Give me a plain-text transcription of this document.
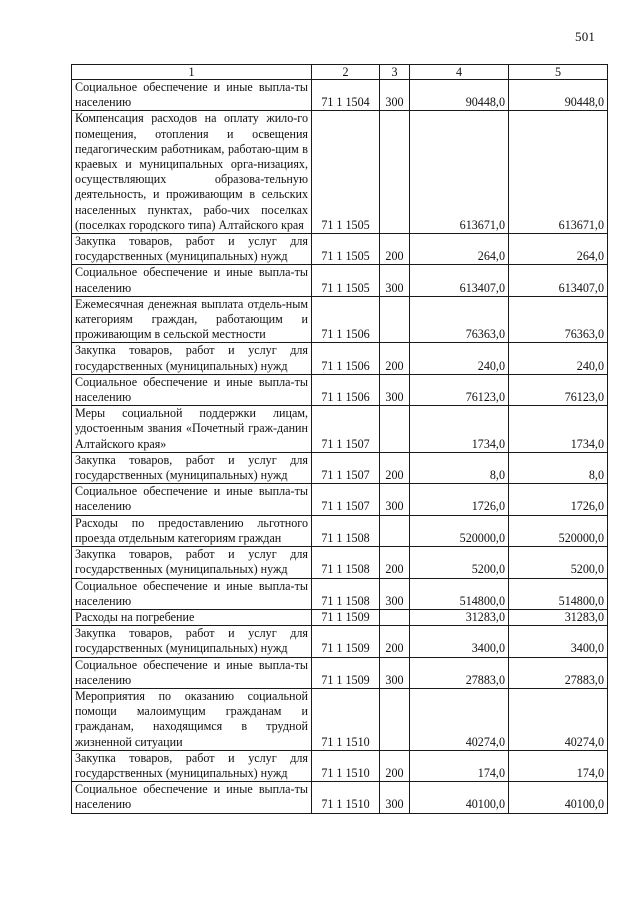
501
1	2	3	4	5
Социальное обеспечение и иные выпла-ты населению	71 1 1504	300	90448,0	90448,0
Компенсация расходов на оплату жило-го помещения, отопления и освещения педагогическим работникам, работаю-щим в краевых и муниципальных орга-низациях, осуществляющих образова-тельную деятельность, и проживающим в сельских населенных пунктах, рабо-чих поселках (поселках городского типа) Алтайского края	71 1 1505		613671,0	613671,0
Закупка товаров, работ и услуг для государственных (муниципальных) нужд	71 1 1505	200	264,0	264,0
Социальное обеспечение и иные выпла-ты населению	71 1 1505	300	613407,0	613407,0
Ежемесячная денежная выплата отдель-ным категориям граждан, работающим и проживающим в сельской местности	71 1 1506		76363,0	76363,0
Закупка товаров, работ и услуг для государственных (муниципальных) нужд	71 1 1506	200	240,0	240,0
Социальное обеспечение и иные выпла-ты населению	71 1 1506	300	76123,0	76123,0
Меры социальной поддержки лицам, удостоенным звания «Почетный граж-данин Алтайского края»	71 1 1507		1734,0	1734,0
Закупка товаров, работ и услуг для государственных (муниципальных) нужд	71 1 1507	200	8,0	8,0
Социальное обеспечение и иные выпла-ты населению	71 1 1507	300	1726,0	1726,0
Расходы по предоставлению льготного проезда отдельным категориям граждан	71 1 1508		520000,0	520000,0
Закупка товаров, работ и услуг для государственных (муниципальных) нужд	71 1 1508	200	5200,0	5200,0
Социальное обеспечение и иные выпла-ты населению	71 1 1508	300	514800,0	514800,0
Расходы на погребение	71 1 1509		31283,0	31283,0
Закупка товаров, работ и услуг для государственных (муниципальных) нужд	71 1 1509	200	3400,0	3400,0
Социальное обеспечение и иные выпла-ты населению	71 1 1509	300	27883,0	27883,0
Мероприятия по оказанию социальной помощи малоимущим гражданам и гражданам, находящимся в трудной жизненной ситуации	71 1 1510		40274,0	40274,0
Закупка товаров, работ и услуг для государственных (муниципальных) нужд	71 1 1510	200	174,0	174,0
Социальное обеспечение и иные выпла-ты населению	71 1 1510	300	40100,0	40100,0
